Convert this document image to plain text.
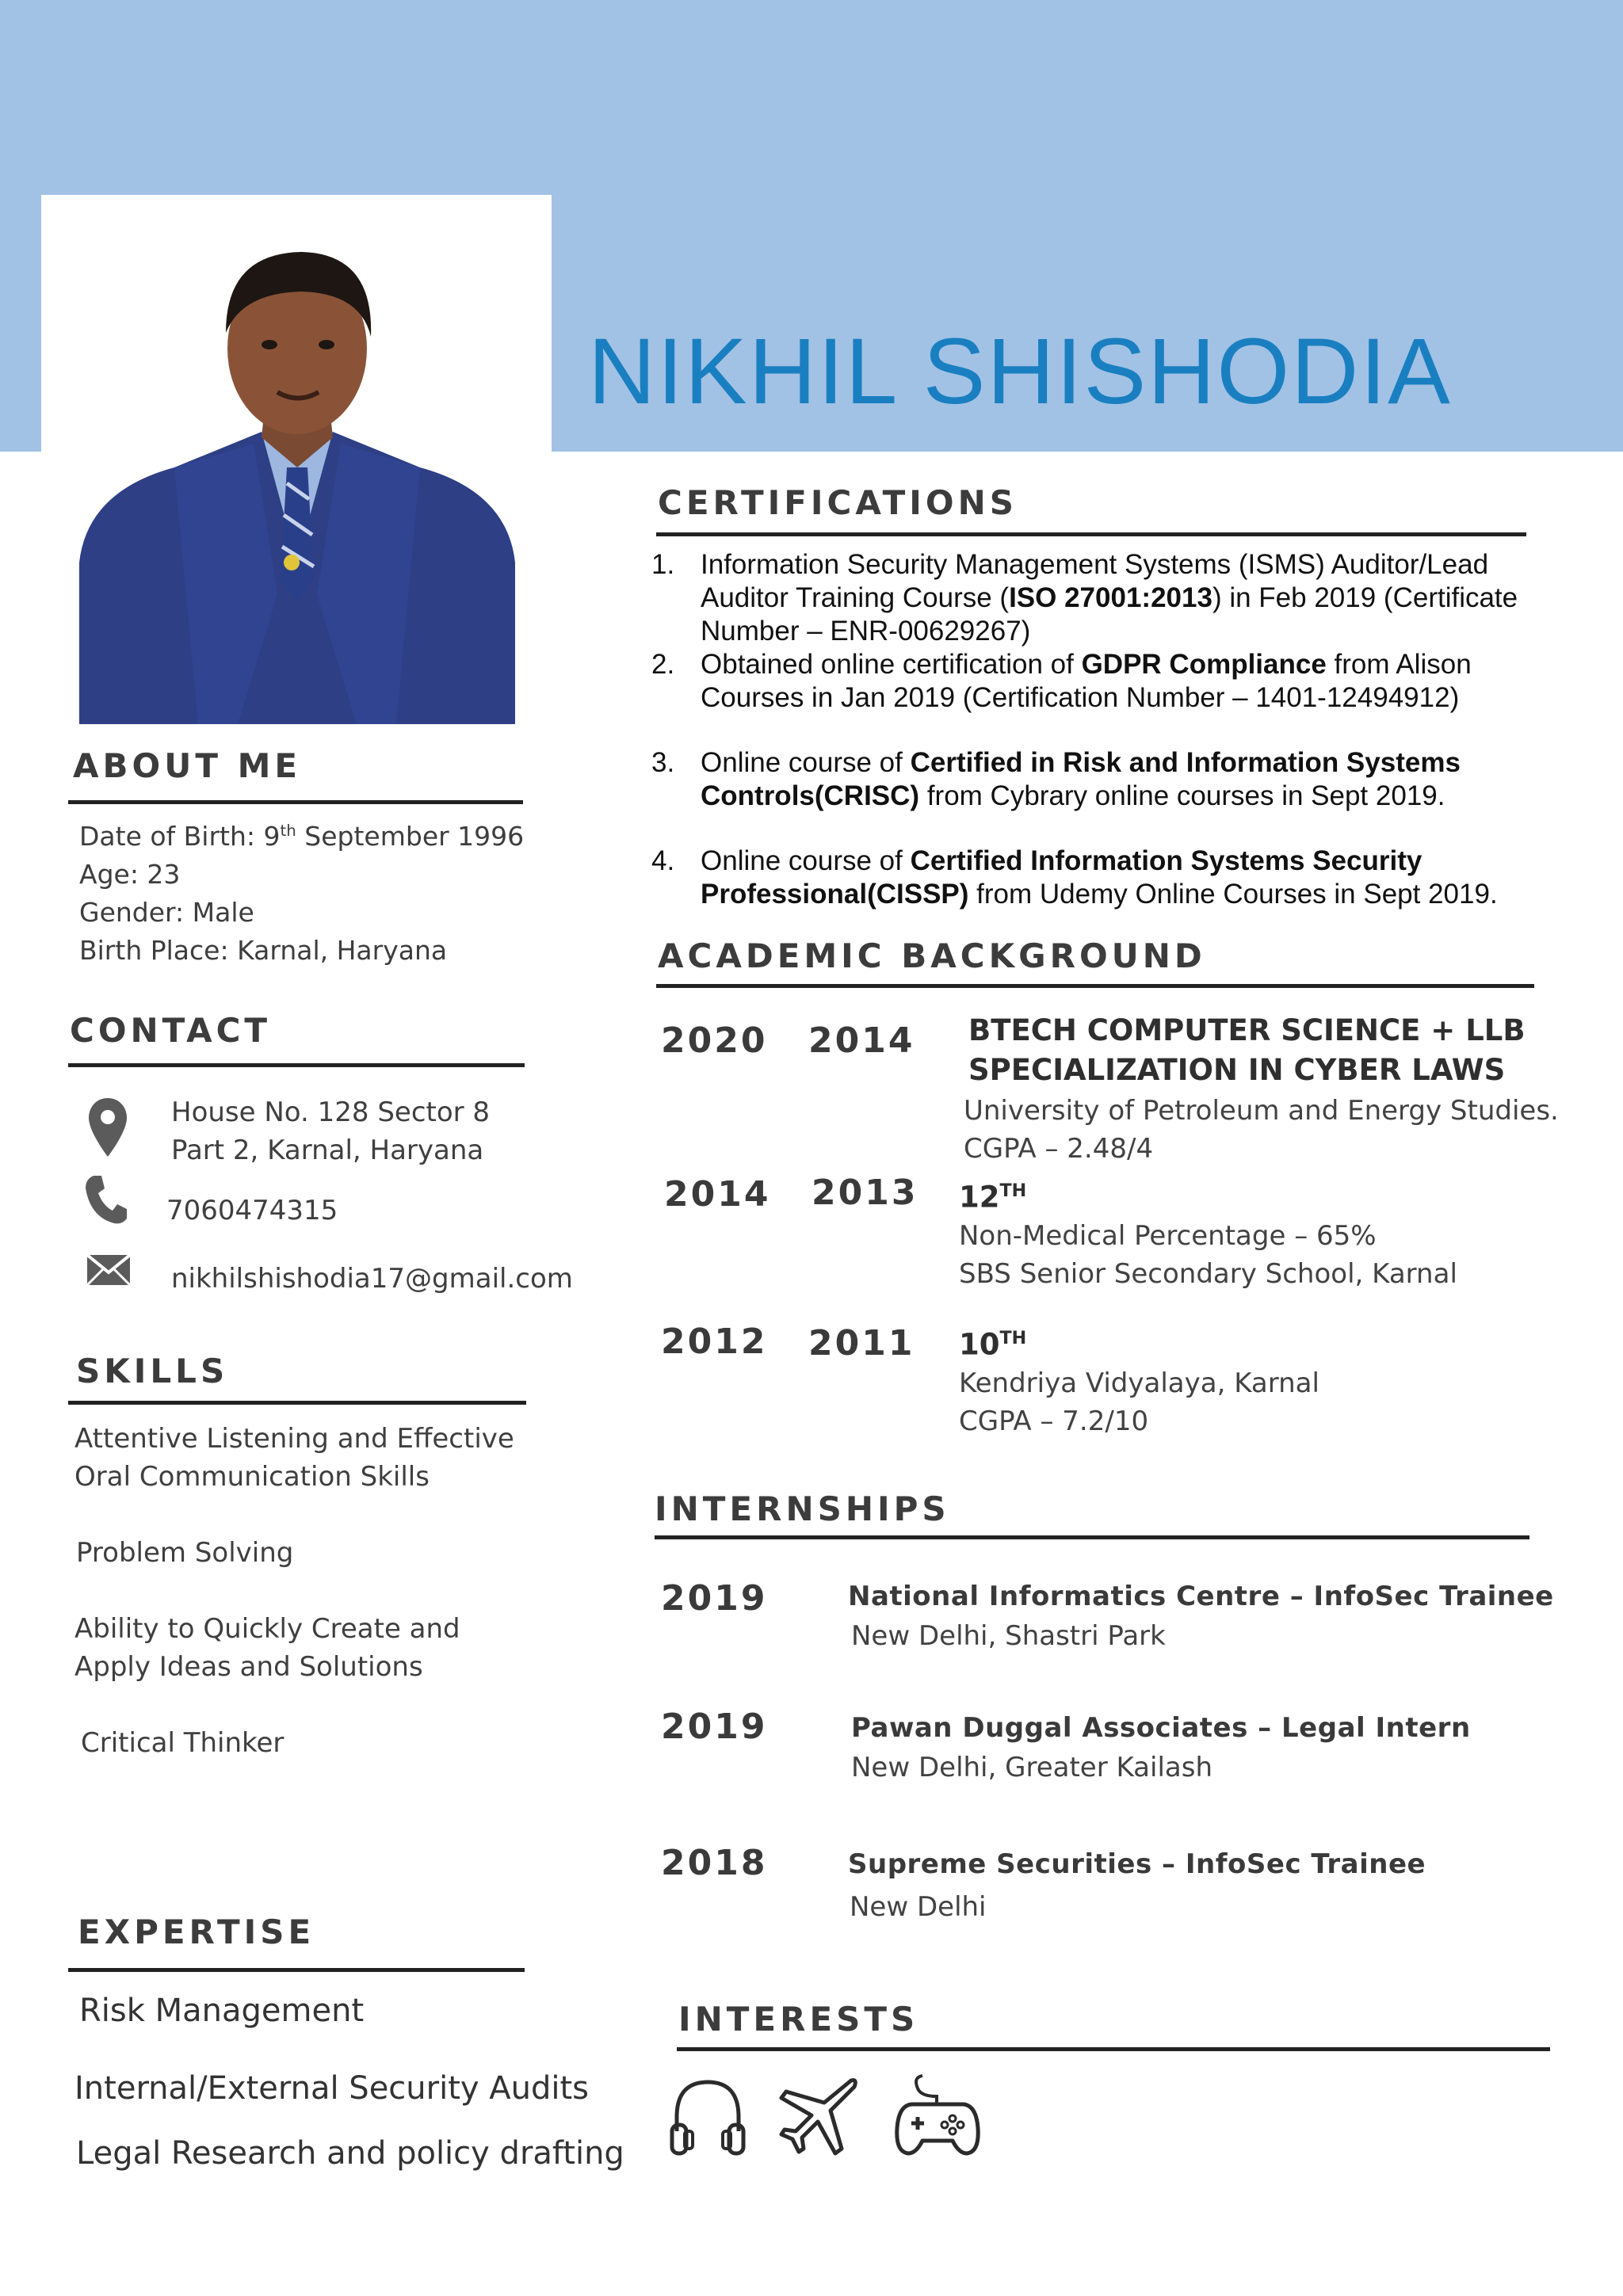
NIKHIL SHISHODIA
ABOUT ME
Date of Birth: 9th September 1996
Age: 23
Gender: Male
Birth Place: Karnal, Haryana
CONTACT
House No. 128 Sector 8
Part 2, Karnal, Haryana
7060474315
nikhilshishodia17@gmail.com
SKILLS
Attentive Listening and Effective
Oral Communication Skills
Problem Solving
Ability to Quickly Create and
Apply Ideas and Solutions
Critical Thinker
EXPERTISE
Risk Management
Internal/External Security Audits
Legal Research and policy drafting
CERTIFICATIONS
1. Information Security Management Systems (ISMS) Auditor/Lead Auditor Training Course (ISO 27001:2013) in Feb 2019 (Certificate Number – ENR-00629267)
2. Obtained online certification of GDPR Compliance from Alison Courses in Jan 2019 (Certification Number – 1401-12494912)
3. Online course of Certified in Risk and Information Systems Controls(CRISC) from Cybrary online courses in Sept 2019.
4. Online course of Certified Information Systems Security Professional(CISSP) from Udemy Online Courses in Sept 2019.
ACADEMIC BACKGROUND
2020 2014 BTECH COMPUTER SCIENCE + LLB
SPECIALIZATION IN CYBER LAWS
University of Petroleum and Energy Studies.
CGPA – 2.48/4
2014 2013 12TH
Non-Medical Percentage – 65%
SBS Senior Secondary School, Karnal
2012 2011 10TH
Kendriya Vidyalaya, Karnal
CGPA – 7.2/10
INTERNSHIPS
2019	National Informatics Centre – InfoSec Trainee
New Delhi, Shastri Park
2019	Pawan Duggal Associates – Legal Intern
New Delhi, Greater Kailash
2018	Supreme Securities – InfoSec Trainee
New Delhi
INTERESTS
